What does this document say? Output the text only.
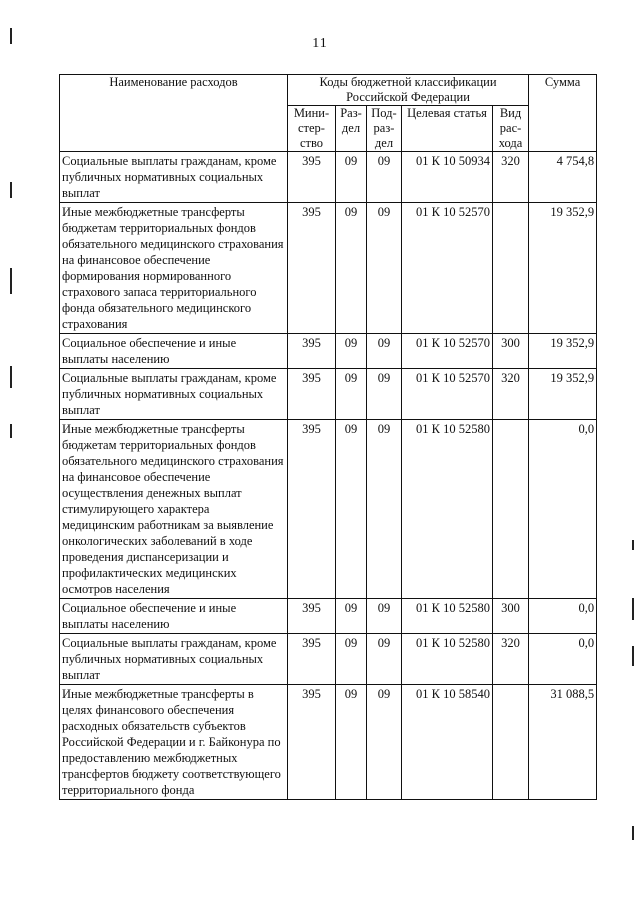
11
Наименование расходов	Коды бюджетной классификации Российской Федерации					Сумма
	Мини-стер-ство	Раз-дел	Под-раз-дел	Целевая статья	Вид рас-хода	
Социальные выплаты гражданам, кроме публичных нормативных социальных выплат	395	09	09	01 К 10 50934	320	4 754,8
Иные межбюджетные трансферты бюджетам территориальных фондов обязательного медицинского страхования на финансовое обеспечение формирования нормированного страхового запаса территориального фонда обязательного медицинского страхования	395	09	09	01 К 10 52570		19 352,9
Социальное обеспечение и иные выплаты населению	395	09	09	01 К 10 52570	300	19 352,9
Социальные выплаты гражданам, кроме публичных нормативных социальных выплат	395	09	09	01 К 10 52570	320	19 352,9
Иные межбюджетные трансферты бюджетам территориальных фондов обязательного медицинского страхования на финансовое обеспечение осуществления денежных выплат стимулирующего характера медицинским работникам за выявление онкологических заболеваний в ходе проведения диспансеризации и профилактических медицинских осмотров населения	395	09	09	01 К 10 52580		0,0
Социальное обеспечение и иные выплаты населению	395	09	09	01 К 10 52580	300	0,0
Социальные выплаты гражданам, кроме публичных нормативных социальных выплат	395	09	09	01 К 10 52580	320	0,0
Иные межбюджетные трансферты в целях финансового обеспечения расходных обязательств субъектов Российской Федерации и г. Байконура по предоставлению межбюджетных трансфертов бюджету соответствующего территориального фонда	395	09	09	01 К 10 58540		31 088,5
